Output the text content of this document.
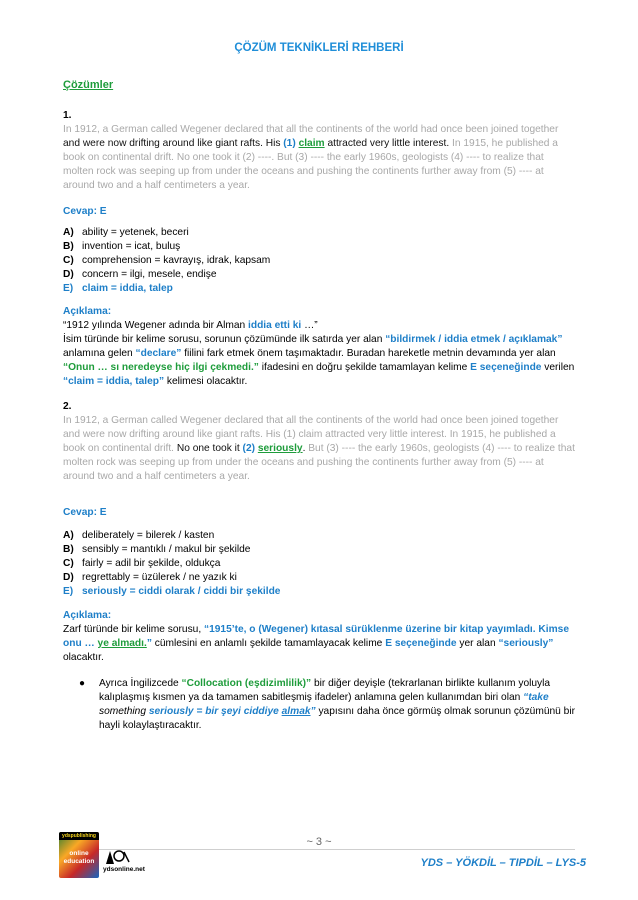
ÇÖZÜM TEKNİKLERİ REHBERİ
Çözümler
1.
In 1912, a German called Wegener declared that all the continents of the world had once been joined together and were now drifting around like giant rafts. His (1) claim attracted very little interest. In 1915, he published a book on continental drift. No one took it (2) ----. But (3) ---- the early 1960s, geologists (4) ---- to realize that molten rock was seeping up from under the oceans and pushing the continents further away from (5) ---- at around two and a half centimeters a year.
Cevap: E
A) ability = yetenek, beceri
B) invention = icat, buluş
C) comprehension = kavrayış, idrak, kapsam
D) concern = ilgi, mesele, endişe
E) claim = iddia, talep
Açıklama:
“1912 yılında Wegener adında bir Alman iddia etti ki …”
İsim türünde bir kelime sorusu, sorunun çözümünde ilk satırda yer alan “bildirmek / iddia etmek / açıklamak” anlamına gelen “declare” fiilini fark etmek önem taşımaktadır. Buradan hareketle metnin devamında yer alan “Onun … sı neredeyse hiç ilgi çekmedi.” ifadesini en doğru şekilde tamamlayan kelime E seçeneğinde verilen “claim = iddia, talep” kelimesi olacaktır.
2.
In 1912, a German called Wegener declared that all the continents of the world had once been joined together and were now drifting around like giant rafts. His (1) claim attracted very little interest. In 1915, he published a book on continental drift. No one took it (2) seriously. But (3) ---- the early 1960s, geologists (4) ---- to realize that molten rock was seeping up from under the oceans and pushing the continents further away from (5) ---- at around two and a half centimeters a year.
Cevap: E
A) deliberately = bilerek / kasten
B) sensibly = mantıklı / makul bir şekilde
C) fairly = adil bir şekilde, oldukça
D) regrettably = üzülerek / ne yazık ki
E) seriously = ciddi olarak / ciddi bir şekilde
Açıklama:
Zarf türünde bir kelime sorusu, “1915’te, o (Wegener) kıtasal sürüklenme üzerine bir kitap yayımladı. Kimse onu … ye almadı.” cümlesini en anlamlı şekilde tamamlayacak kelime E seçeneğinde yer alan “seriously” olacaktır.
●	Ayrıca İngilizcede “Collocation (eşdizimlilik)” bir diğer deyişle (tekrarlanan birlikte kullanım yoluyla kalıplaşmış kısmen ya da tamamen sabitleşmiş ifadeler) anlamına gelen kullanımdan biri olan “take something seriously = bir şeyi ciddiye almak” yapısını daha önce görmüş olmak sorunun çözümünü bir hayli kolaylaştıracaktır.
~ 3 ~
ydspublishing
online
education
ydsonline.net
YDS – YÖKDİL – TIPDİL – LYS-5
